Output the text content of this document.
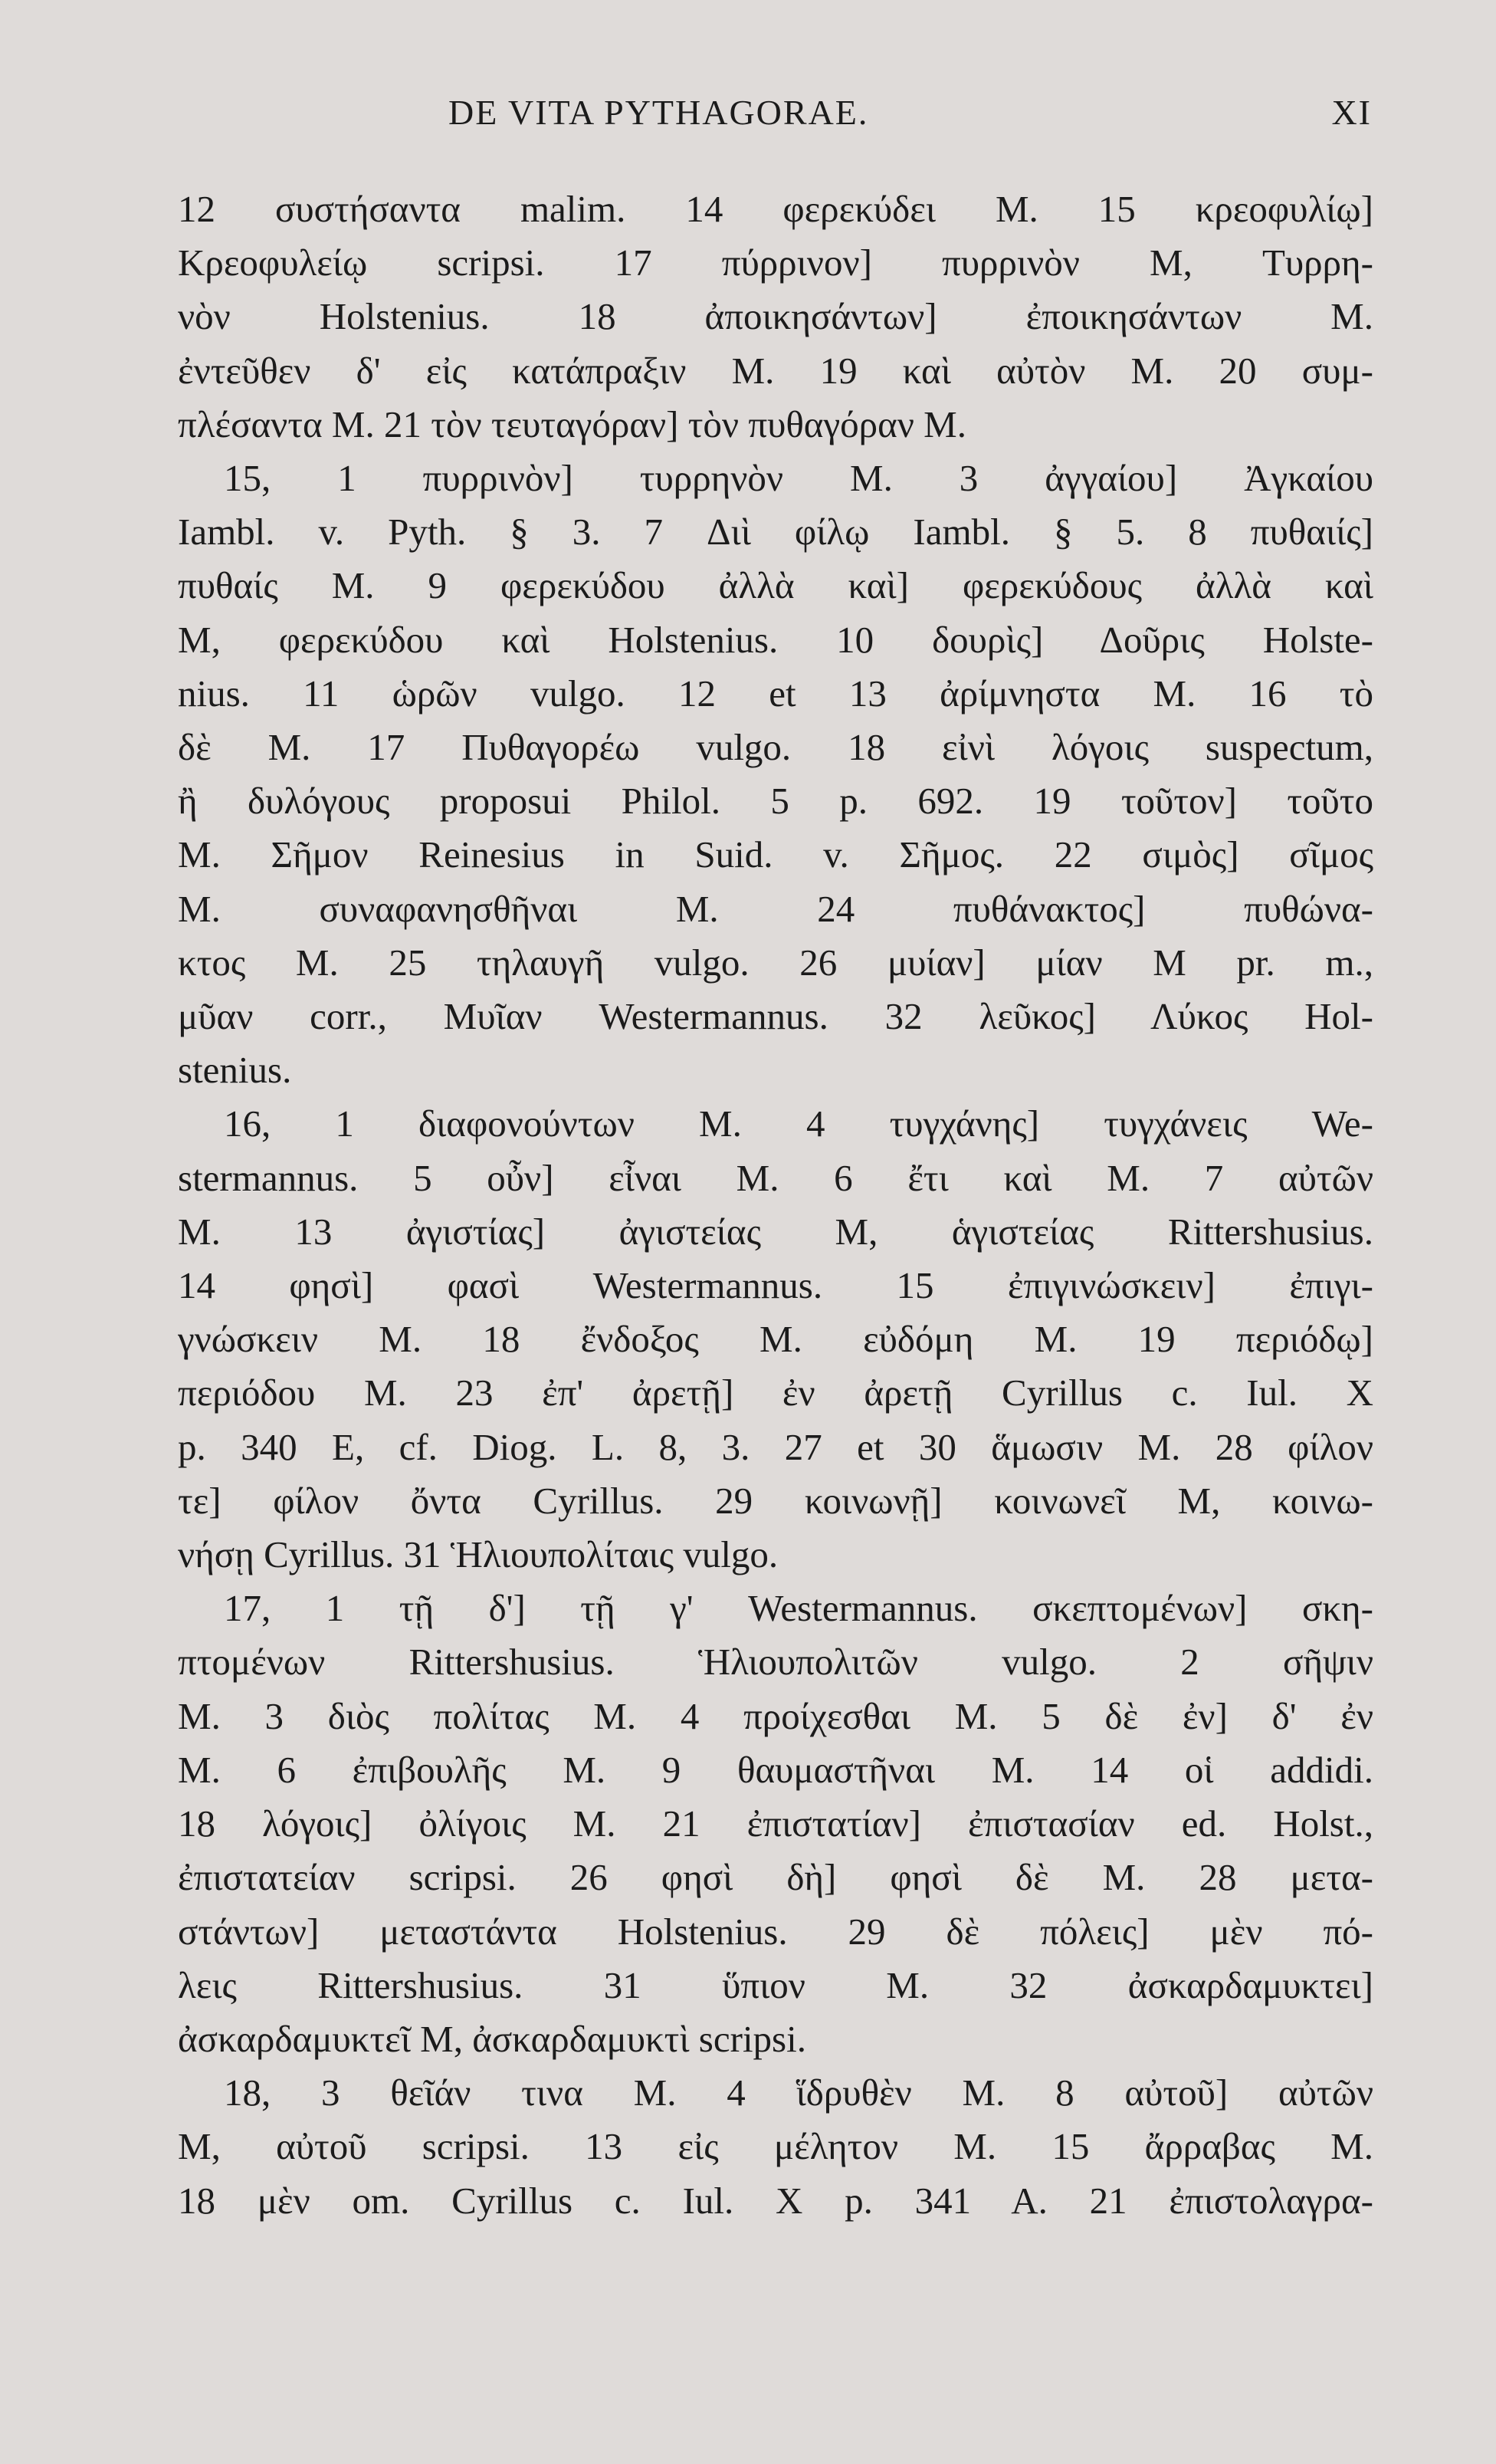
DE VITA PYTHAGORAE.	XI
12 συστήσαντα malim. 14 φερεκύδει M. 15 κρεοφυλίῳ]
Κρεοφυλείῳ scripsi. 17 πύρρινον] πυρρινὸν M, Τυρρη-
νὸν Holstenius. 18 ἀποικησάντων] ἐποικησάντων M.
ἐντεῦθεν δ' εἰς κατάπραξιν M. 19 καὶ αὐτὸν M. 20 συμ-
πλέσαντα M. 21 τὸν τευταγόραν] τὸν πυθαγόραν M.
15, 1 πυρρινὸν] τυρρηνὸν M. 3 ἀγγαίου] Ἀγκαίου
Iambl. v. Pyth. § 3. 7 Διὶ φίλῳ Iambl. § 5. 8 πυθαιίς]
πυθαίς M. 9 φερεκύδου ἀλλὰ καὶ] φερεκύδους ἀλλὰ καὶ
M, φερεκύδου καὶ Holstenius. 10 δουρὶς] Δοῦρις Holste-
nius. 11 ὡρῶν vulgo. 12 et 13 ἀρίμνηστα M. 16 τὸ
δὲ M. 17 Πυθαγορέω vulgo. 18 εἰνὶ λόγοις suspectum,
ἢ δυλόγους proposui Philol. 5 p. 692. 19 τοῦτον] τοῦτο
M. Σῆμον Reinesius in Suid. v. Σῆμος. 22 σιμὸς] σῖμος
M. συναφανησθῆναι M. 24 πυθάνακτος] πυθώνα-
κτος M. 25 τηλαυγῆ vulgo. 26 μυίαν] μίαν M pr. m.,
μῦαν corr., Μυῖαν Westermannus. 32 λεῦκος] Λύκος Hol-
stenius.
16, 1 διαφονούντων M. 4 τυγχάνης] τυγχάνεις We-
stermannus. 5 οὖν] εἶναι M. 6 ἔτι καὶ M. 7 αὐτῶν
M. 13 ἀγιστίας] ἀγιστείας M, ἁγιστείας Rittershusius.
14 φησὶ] φασὶ Westermannus. 15 ἐπιγινώσκειν] ἐπιγι-
γνώσκειν M. 18 ἔνδοξος M. εὐδόμη M. 19 περιόδῳ]
περιόδου M. 23 ἐπ' ἀρετῇ] ἐν ἀρετῇ Cyrillus c. Iul. X
p. 340 E, cf. Diog. L. 8, 3. 27 et 30 ἅμωσιν M. 28 φίλον
τε] φίλον ὄντα Cyrillus. 29 κοινωνῇ] κοινωνεῖ M, κοινω-
νήσῃ Cyrillus. 31 Ἡλιουπολίταις vulgo.
17, 1 τῇ δ'] τῇ γ' Westermannus. σκεπτομένων] σκη-
πτομένων Rittershusius. Ἡλιουπολιτῶν vulgo. 2 σῆψιν
M. 3 διὸς πολίτας M. 4 προίχεσθαι M. 5 δὲ ἐν] δ' ἐν
M. 6 ἐπιβουλῆς M. 9 θαυμαστῆναι M. 14 οἱ addidi.
18 λόγοις] ὀλίγοις M. 21 ἐπιστατίαν] ἐπιστασίαν ed. Holst.,
ἐπιστατείαν scripsi. 26 φησὶ δὴ] φησὶ δὲ M. 28 μετα-
στάντων] μεταστάντα Holstenius. 29 δὲ πόλεις] μὲν πό-
λεις Rittershusius. 31 ὕπιον M. 32 ἀσκαρδαμυκτει]
ἀσκαρδαμυκτεῖ M, ἀσκαρδαμυκτὶ scripsi.
18, 3 θεῖάν τινα M. 4 ἵδρυθὲν M. 8 αὐτοῦ] αὐτῶν
M, αὐτοῦ scripsi. 13 εἰς μέλητον M. 15 ἄρραβας M.
18 μὲν om. Cyrillus c. Iul. X p. 341 A. 21 ἐπιστολαγρα-
